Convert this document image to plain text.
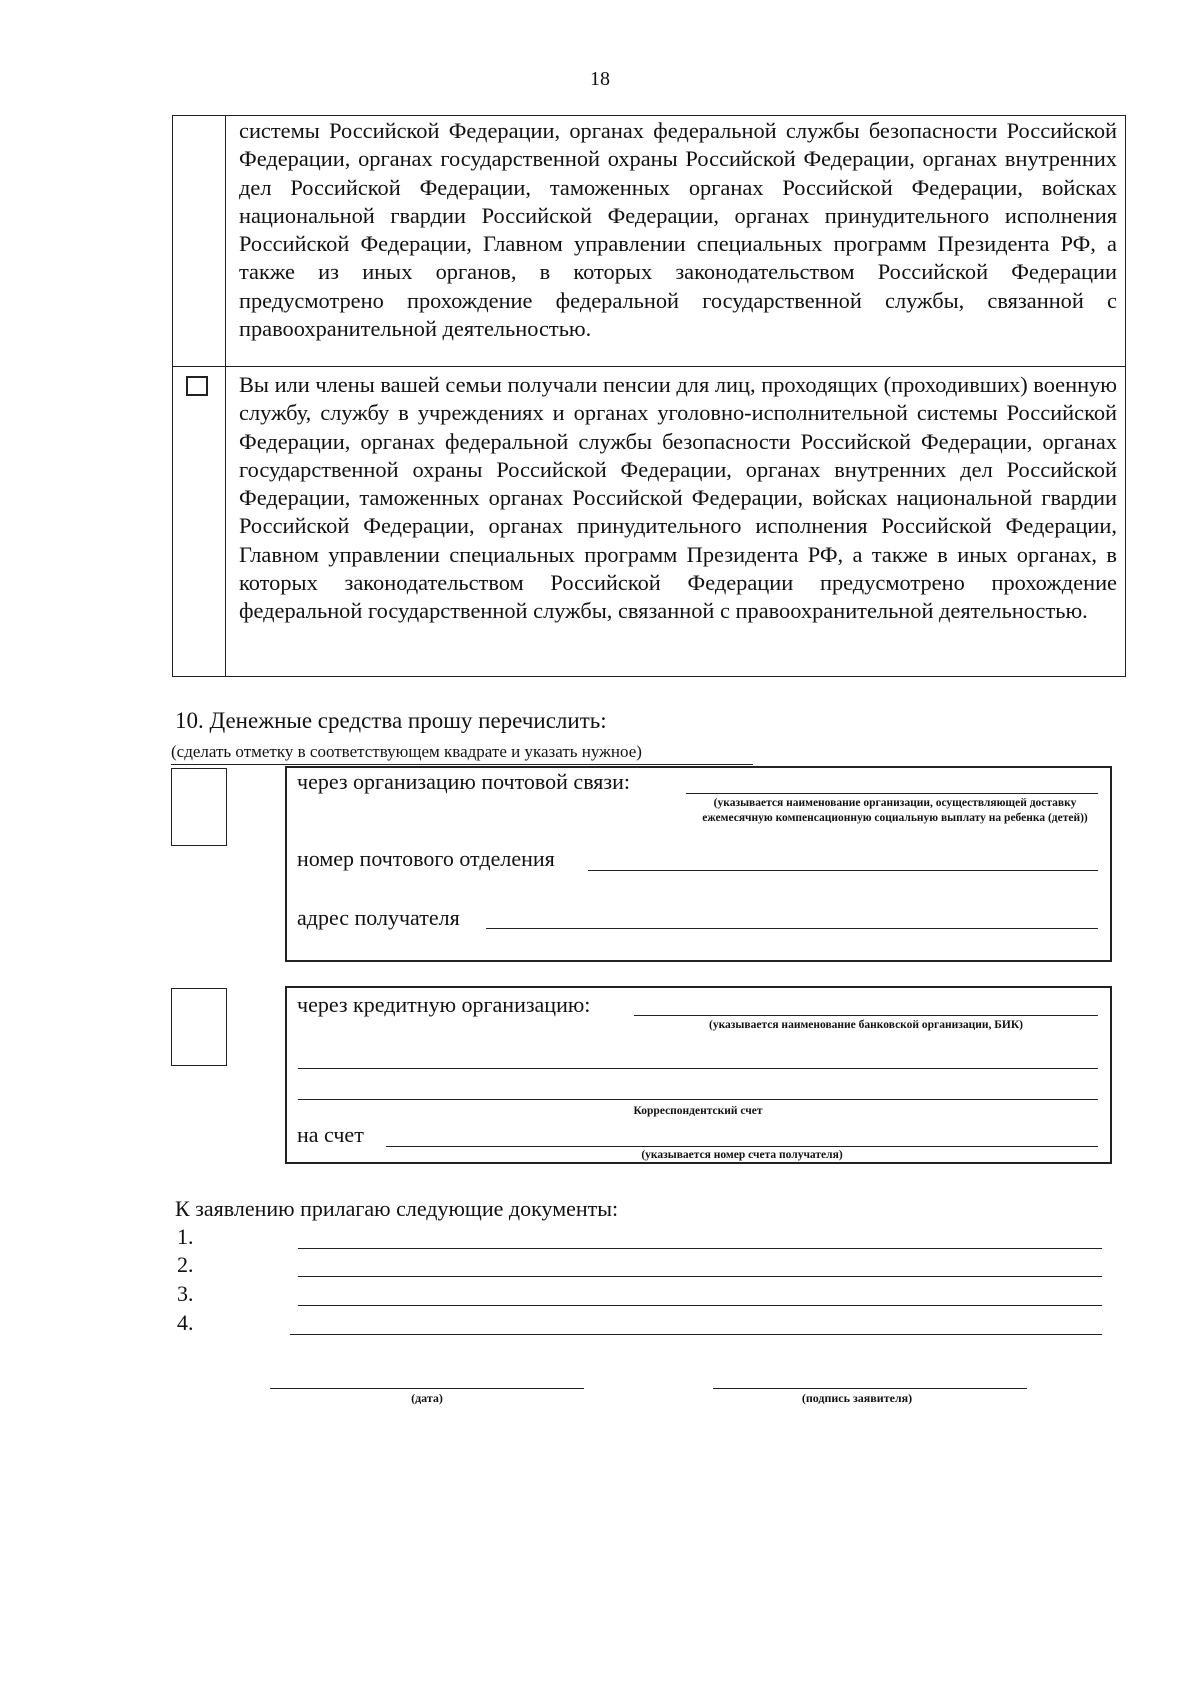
18
системы Российской Федерации, органах федеральной службы безопасности Российской Федерации, органах государственной охраны Российской Федерации, органах внутренних дел Российской Федерации, таможенных органах Российской Федерации, войсках национальной гвардии Российской Федерации, органах принудительного исполнения Российской Федерации, Главном управлении специальных программ Президента РФ, а также из иных органов, в которых законодательством Российской Федерации предусмотрено прохождение федеральной государственной службы, связанной с правоохранительной деятельностью.
Вы или члены вашей семьи получали пенсии для лиц, проходящих (проходивших) военную службу, службу в учреждениях и органах уголовно-исполнительной системы Российской Федерации, органах федеральной службы безопасности Российской Федерации, органах государственной охраны Российской Федерации, органах внутренних дел Российской Федерации, таможенных органах Российской Федерации, войсках национальной гвардии Российской Федерации, органах принудительного исполнения Российской Федерации, Главном управлении специальных программ Президента РФ, а также в иных органах, в которых законодательством Российской Федерации предусмотрено прохождение федеральной государственной службы, связанной с правоохранительной деятельностью.
10. Денежные средства прошу перечислить:
(сделать отметку в соответствующем квадрате и указать нужное)
через организацию почтовой связи:
(указывается наименование организации, осуществляющей доставку ежемесячную компенсационную социальную выплату на ребенка (детей))
номер почтового отделения
адрес получателя
через кредитную организацию:
(указывается наименование банковской организации, БИК)
Корреспондентский счет
на счет
(указывается номер счета получателя)
К заявлению прилагаю следующие документы:
1.
2.
3.
4.
(дата)	(подпись заявителя)
